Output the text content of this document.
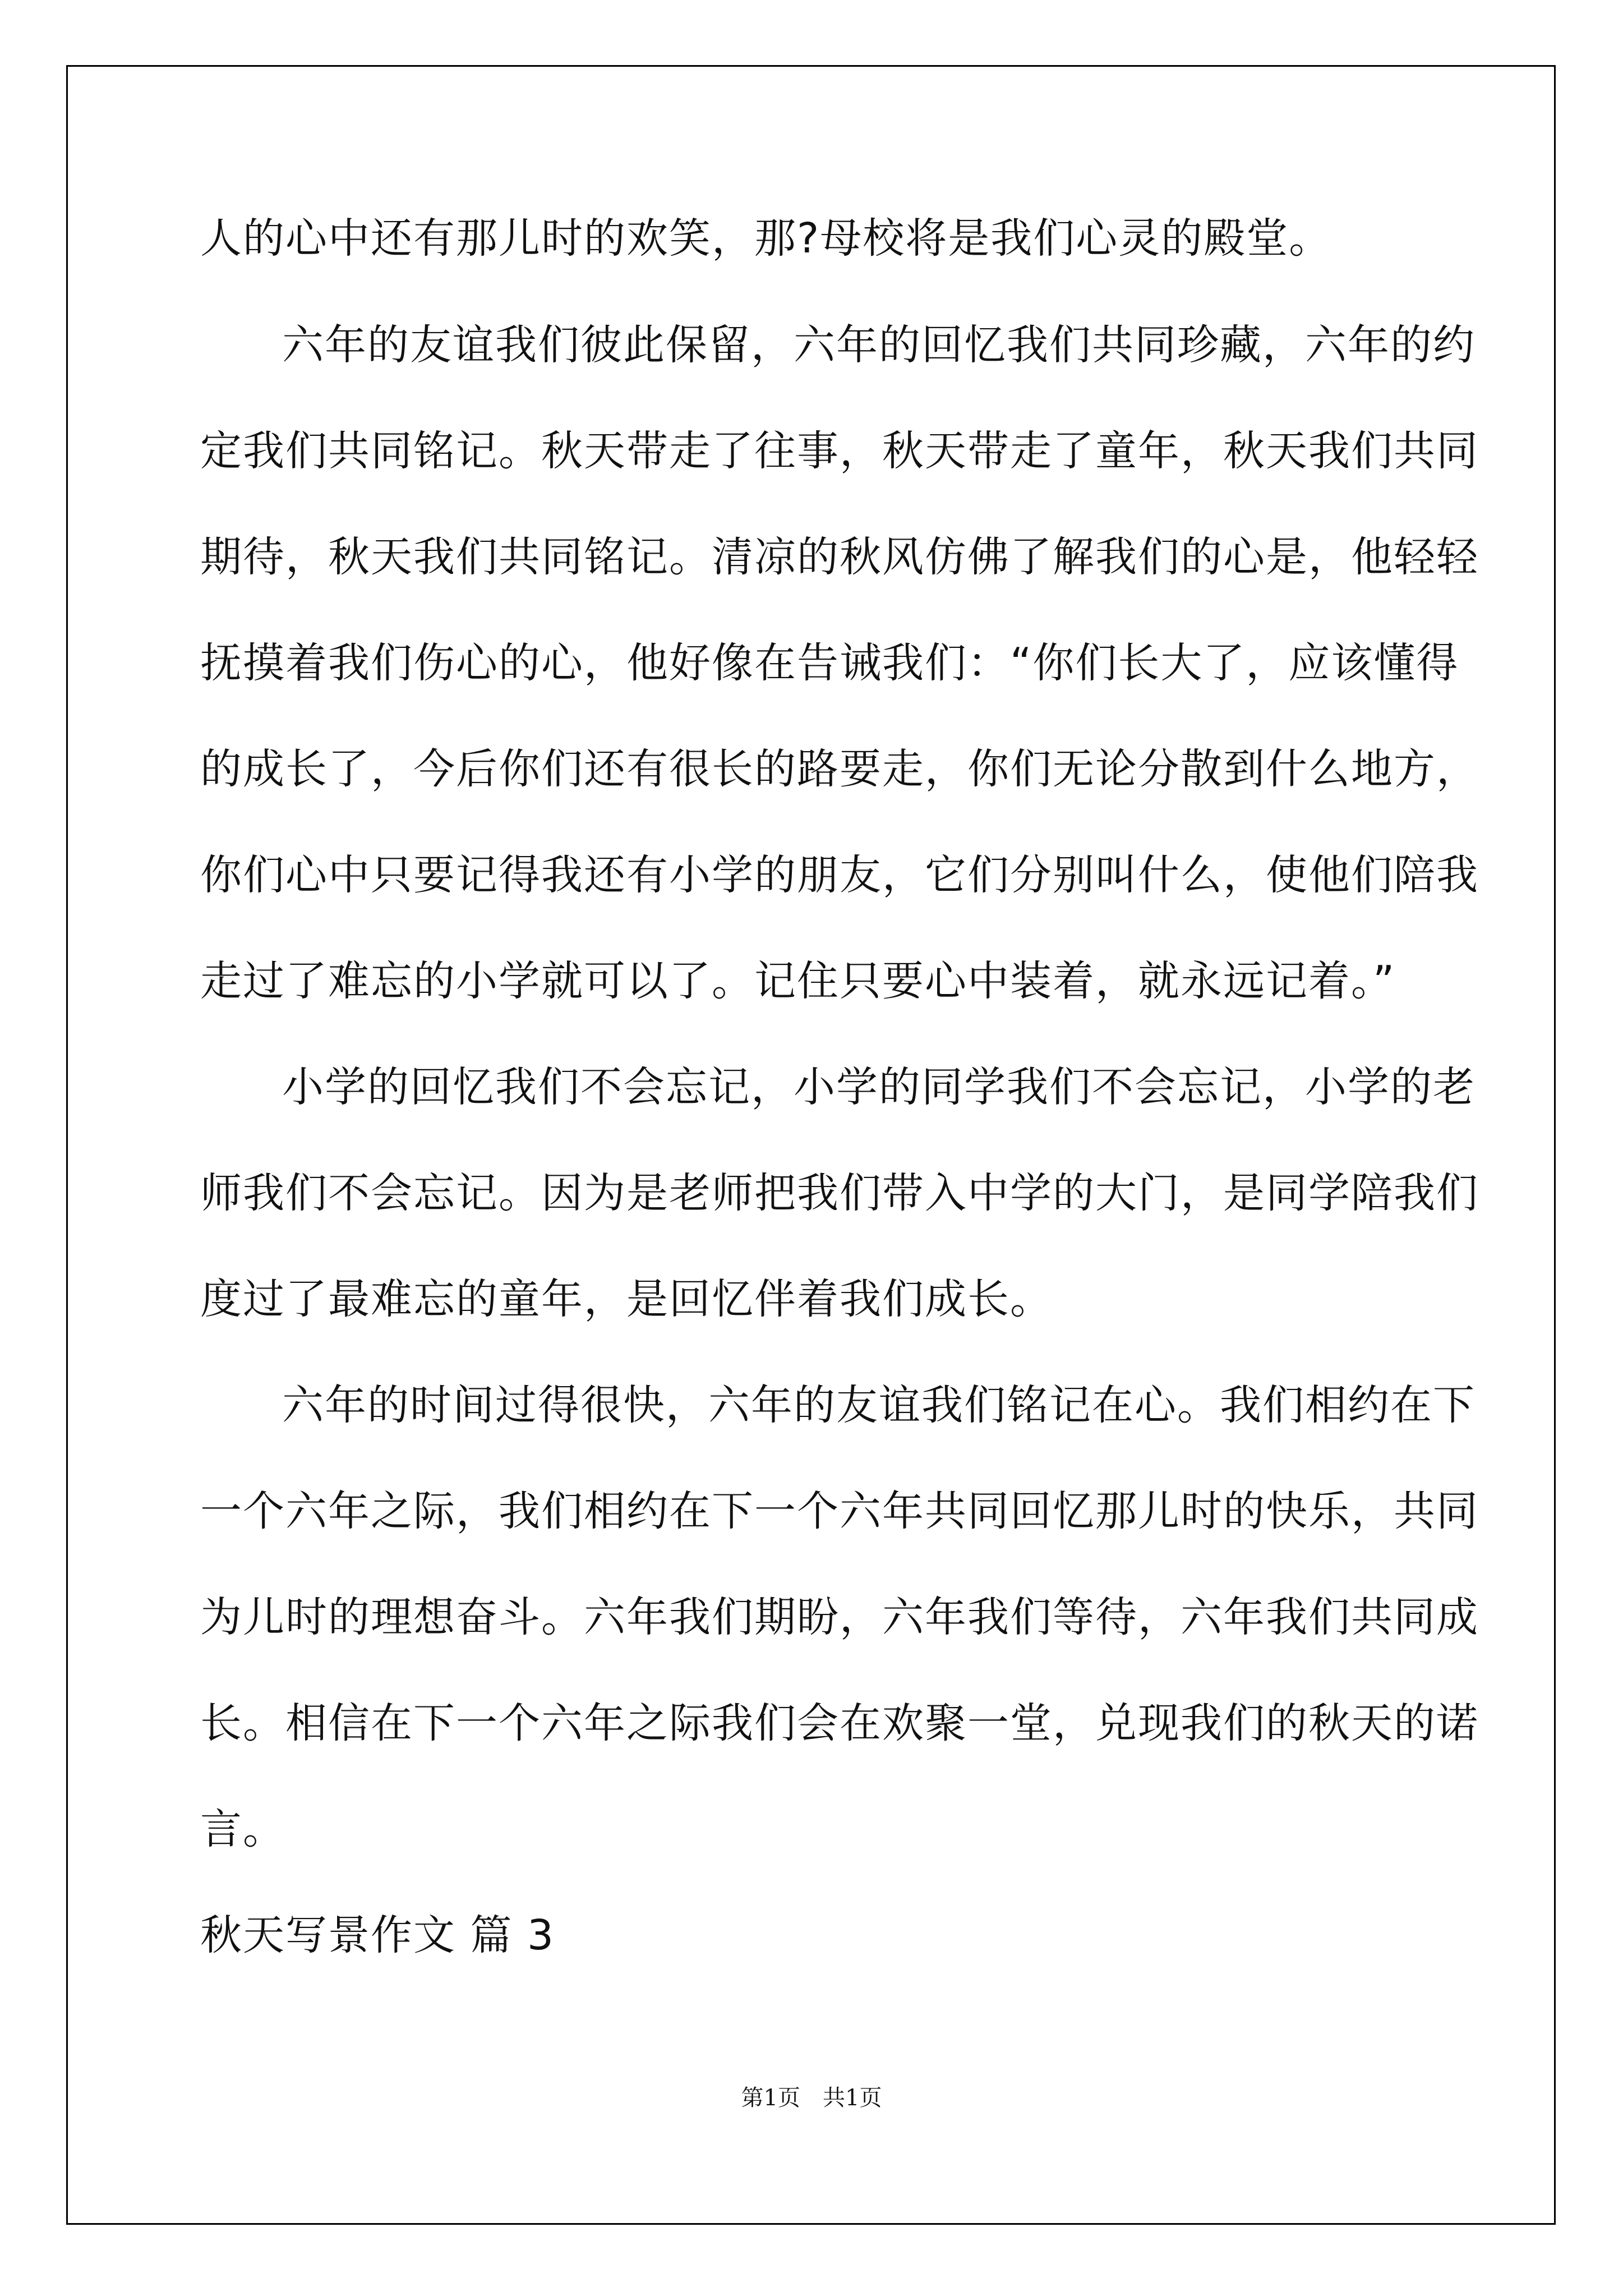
人的心中还有那儿时的欢笑，那?母校将是我们心灵的殿堂。
六年的友谊我们彼此保留，六年的回忆我们共同珍藏，六年的约
定我们共同铭记。秋天带走了往事，秋天带走了童年，秋天我们共同
期待，秋天我们共同铭记。清凉的秋风仿佛了解我们的心是，他轻轻
抚摸着我们伤心的心，他好像在告诫我们：“你们长大了，应该懂得
的成长了，今后你们还有很长的路要走，你们无论分散到什么地方，
你们心中只要记得我还有小学的朋友，它们分别叫什么，使他们陪我
走过了难忘的小学就可以了。记住只要心中装着，就永远记着。”
小学的回忆我们不会忘记，小学的同学我们不会忘记，小学的老
师我们不会忘记。因为是老师把我们带入中学的大门，是同学陪我们
度过了最难忘的童年，是回忆伴着我们成长。
六年的时间过得很快，六年的友谊我们铭记在心。我们相约在下
一个六年之际，我们相约在下一个六年共同回忆那儿时的快乐，共同
为儿时的理想奋斗。六年我们期盼，六年我们等待，六年我们共同成
长。相信在下一个六年之际我们会在欢聚一堂，兑现我们的秋天的诺
言。
秋天写景作文 篇 3
第1页　共1页
